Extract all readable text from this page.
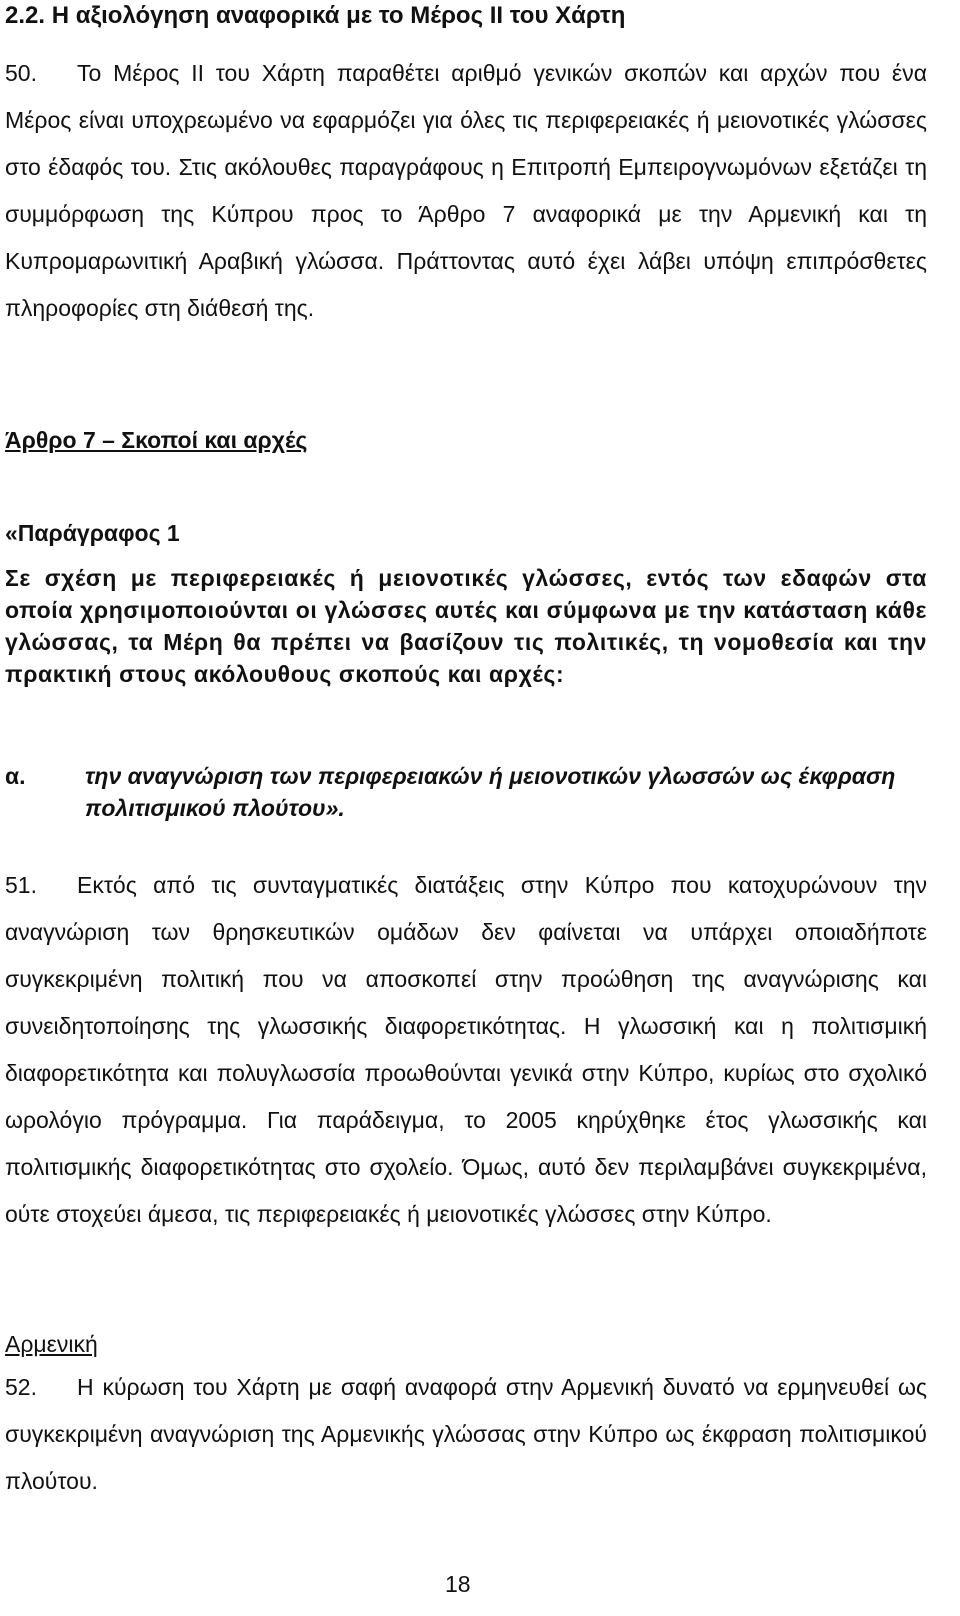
2.2. Η αξιολόγηση αναφορικά με το Μέρος ΙΙ του Χάρτη

50. Το Μέρος ΙΙ του Χάρτη παραθέτει αριθμό γενικών σκοπών και αρχών που ένα Μέρος είναι υποχρεωμένο να εφαρμόζει για όλες τις περιφερειακές ή μειονοτικές γλώσσες στο έδαφός του. Στις ακόλουθες παραγράφους η Επιτροπή Εμπειρογνωμόνων εξετάζει τη συμμόρφωση της Κύπρου προς το Άρθρο 7 αναφορικά με την Αρμενική και τη Κυπρομαρωνιτική Αραβική γλώσσα. Πράττοντας αυτό έχει λάβει υπόψη επιπρόσθετες πληροφορίες στη διάθεσή της.

Άρθρο 7 – Σκοποί και αρχές
«Παράγραφος 1

Σε σχέση με περιφερειακές ή μειονοτικές γλώσσες, εντός των εδαφών στα οποία χρησιμοποιούνται οι γλώσσες αυτές και σύμφωνα με την κατάσταση κάθε γλώσσας, τα Μέρη θα πρέπει να βασίζουν τις πολιτικές, τη νομοθεσία και την πρακτική στους ακόλουθους σκοπούς και αρχές:

α.	την αναγνώριση των περιφερειακών ή μειονοτικών γλωσσών ως έκφραση πολιτισμικού πλούτου».

51. Εκτός από τις συνταγματικές διατάξεις στην Κύπρο που κατοχυρώνουν την αναγνώριση των θρησκευτικών ομάδων δεν φαίνεται να υπάρχει οποιαδήποτε συγκεκριμένη πολιτική που να αποσκοπεί στην προώθηση της αναγνώρισης και συνειδητοποίησης της γλωσσικής διαφορετικότητας. Η γλωσσική και η πολιτισμική διαφορετικότητα και πολυγλωσσία προωθούνται γενικά στην Κύπρο, κυρίως στο σχολικό ωρολόγιο πρόγραμμα. Για παράδειγμα, το 2005 κηρύχθηκε έτος γλωσσικής και πολιτισμικής διαφορετικότητας στο σχολείο. Όμως, αυτό δεν περιλαμβάνει συγκεκριμένα, ούτε στοχεύει άμεσα, τις περιφερειακές ή μειονοτικές γλώσσες στην Κύπρο.

Αρμενική

52. Η κύρωση του Χάρτη με σαφή αναφορά στην Αρμενική δυνατό να ερμηνευθεί ως συγκεκριμένη αναγνώριση της Αρμενικής γλώσσας στην Κύπρο ως έκφραση πολιτισμικού πλούτου.

18
